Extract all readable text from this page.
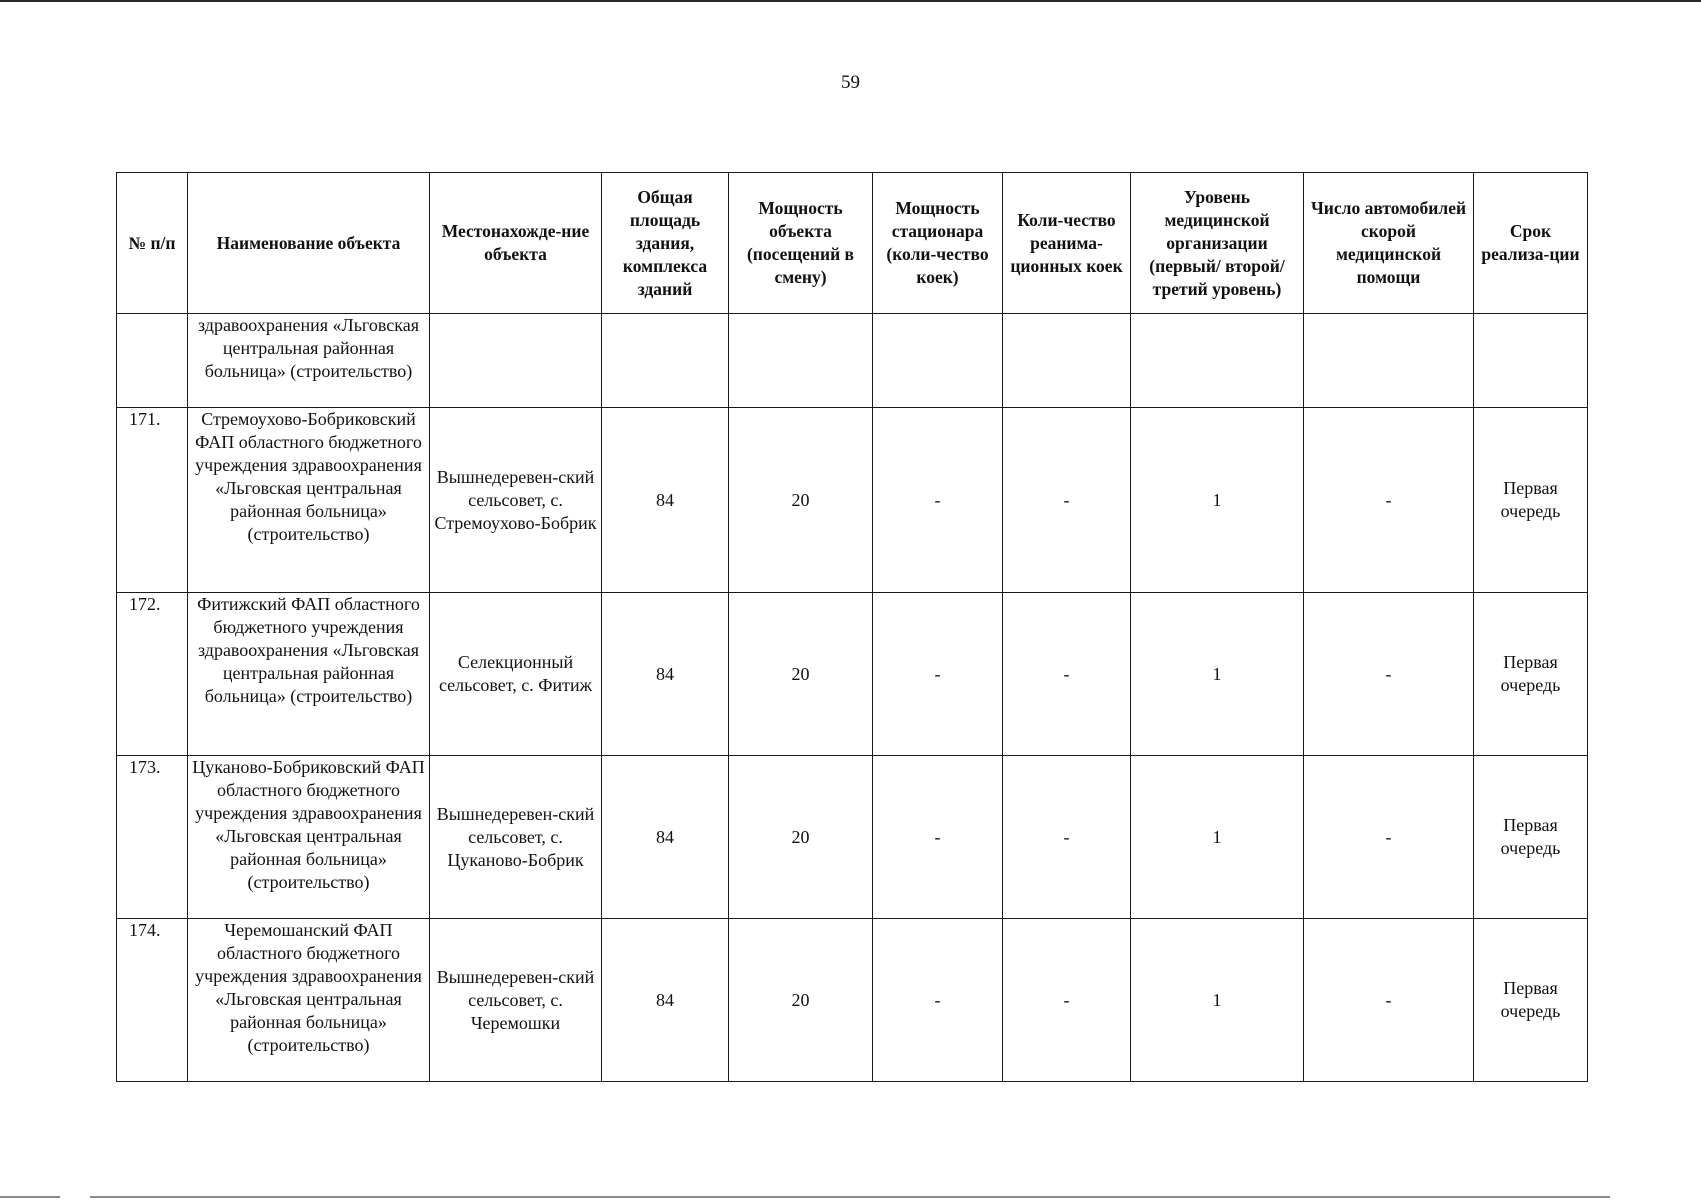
59
№ п/п	Наименование объекта	Местонахожде-ние объекта	Общая площадь здания, комплекса зданий	Мощность объекта (посещений в смену)	Мощность стационара (коли-чество коек)	Коли-чество реанима-ционных коек	Уровень медицинской организации (первый/ второй/ третий уровень)	Число автомобилей скорой медицинской помощи	Срок реализа-ции
	здравоохранения «Льговская центральная районная больница» (строительство)								
171.	Стремоухово-Бобриковский ФАП областного бюджетного учреждения здравоохранения «Льговская центральная районная больница» (строительство)	Вышнедеревен-ский сельсовет, с. Стремоухово-Бобрик	84	20	-	-	1	-	Первая очередь
172.	Фитижский ФАП областного бюджетного учреждения здравоохранения «Льговская центральная районная больница» (строительство)	Селекционный сельсовет, с. Фитиж	84	20	-	-	1	-	Первая очередь
173.	Цуканово-Бобриковский ФАП областного бюджетного учреждения здравоохранения «Льговская центральная районная больница» (строительство)	Вышнедеревен-ский сельсовет, с. Цуканово-Бобрик	84	20	-	-	1	-	Первая очередь
174.	Черемошанский ФАП областного бюджетного учреждения здравоохранения «Льговская центральная районная больница» (строительство)	Вышнедеревен-ский сельсовет, с. Черемошки	84	20	-	-	1	-	Первая очередь
